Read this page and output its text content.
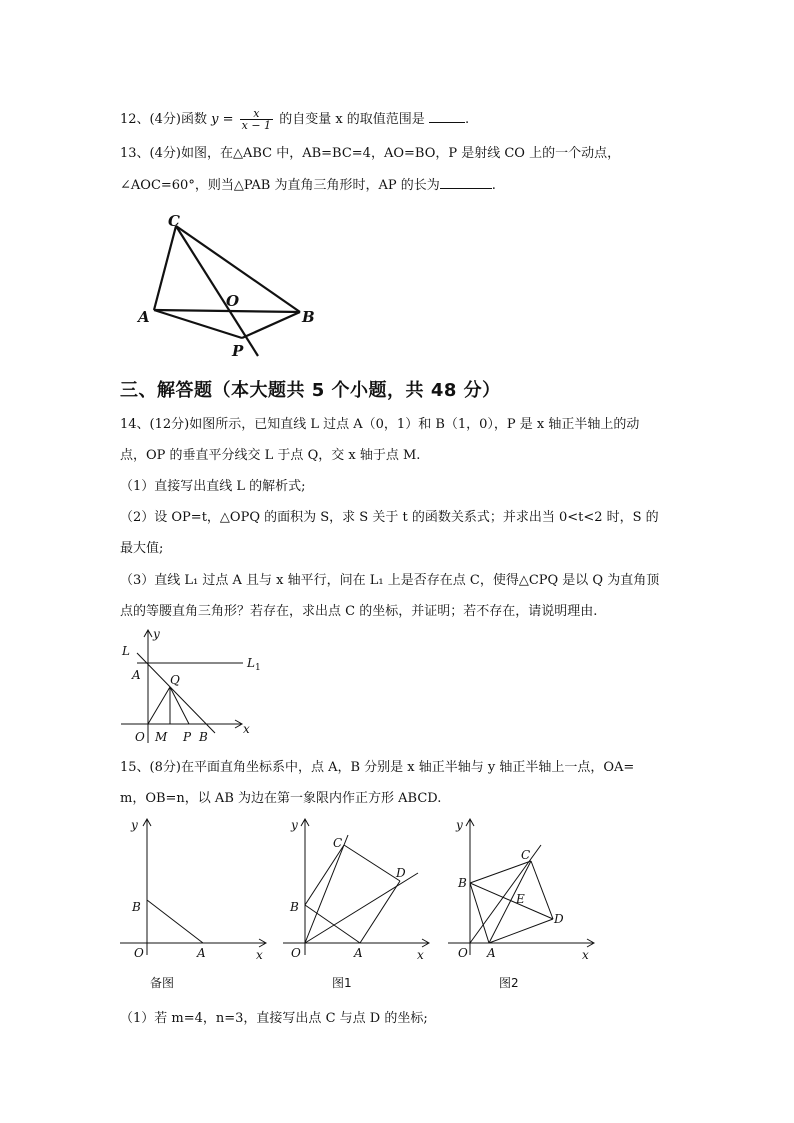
12、(4分)函数 $y = \frac{x}{x - 1}$ 的自变量 x 的取值范围是	.
13、(4分)如图，在△ABC 中，AB=BC=4，AO=BO，P 是射线 CO 上的一个动点，
∠AOC=60°，则当△PAB 为直角三角形时，AP 的长为	.
C
A
O
B
P
三、解答题（本大题共 5 个小题，共 48 分）
14、(12分)如图所示，已知直线 L 过点 A（0，1）和 B（1，0），P 是 x 轴正半轴上的动
点，OP 的垂直平分线交 L 于点 Q，交 x 轴于点 M.
（1）直接写出直线 L 的解析式;
（2）设 OP=t，△OPQ 的面积为 S，求 S 关于 t 的函数关系式；并求出当 0<t<2 时，S 的
最大值;
（3）直线 L₁ 过点 A 且与 x 轴平行，问在 L₁ 上是否存在点 C，使得△CPQ 是以 Q 为直角顶
点的等腰直角三角形？若存在，求出点 C 的坐标，并证明；若不存在，请说明理由.
L
y
$L_1$
A Q
O M P B
x
15、(8分)在平面直角坐标系中，点 A，B 分别是 x 轴正半轴与 y 轴正半轴上一点，OA=
m，OB=n，以 AB 为边在第一象限内作正方形 ABCD.
y
B
O	A	x
备图
y
C
D
B
O	A	x
图1
y
C
B
E
D
O A	x
图2
（1）若 m=4，n=3，直接写出点 C 与点 D 的坐标;
